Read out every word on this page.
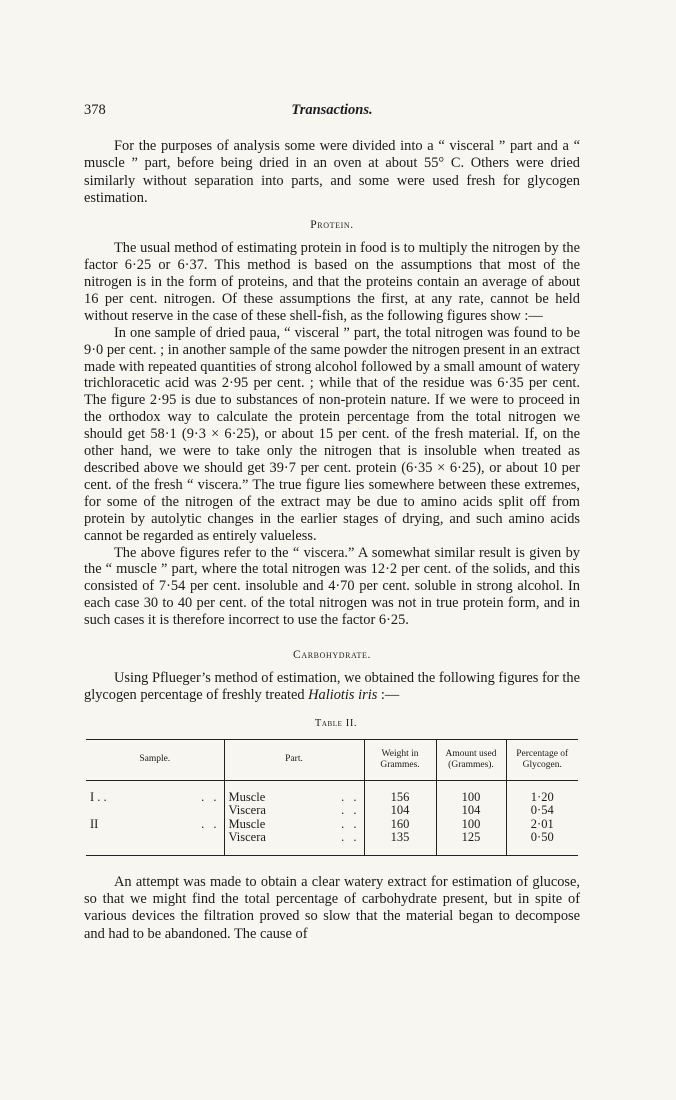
378	Transactions.

For the purposes of analysis some were divided into a “ visceral ” part and a “ muscle ” part, before being dried in an oven at about 55° C. Others were dried similarly without separation into parts, and some were used fresh for glycogen estimation.

Protein.

The usual method of estimating protein in food is to multiply the nitrogen by the factor 6·25 or 6·37. This method is based on the assumptions that most of the nitrogen is in the form of proteins, and that the proteins contain an average of about 16 per cent. nitrogen. Of these assumptions the first, at any rate, cannot be held without reserve in the case of these shell-fish, as the following figures show :—

In one sample of dried paua, “ visceral ” part, the total nitrogen was found to be 9·0 per cent. ; in another sample of the same powder the nitrogen present in an extract made with repeated quantities of strong alcohol followed by a small amount of watery trichloracetic acid was 2·95 per cent. ; while that of the residue was 6·35 per cent. The figure 2·95 is due to substances of non-protein nature. If we were to proceed in the orthodox way to calculate the protein percentage from the total nitrogen we should get 58·1 (9·3 × 6·25), or about 15 per cent. of the fresh material. If, on the other hand, we were to take only the nitrogen that is insoluble when treated as described above we should get 39·7 per cent. protein (6·35 × 6·25), or about 10 per cent. of the fresh “ viscera.” The true figure lies somewhere between these extremes, for some of the nitrogen of the extract may be due to amino acids split off from protein by autolytic changes in the earlier stages of drying, and such amino acids cannot be regarded as entirely valueless.

The above figures refer to the “ viscera.” A somewhat similar result is given by the “ muscle ” part, where the total nitrogen was 12·2 per cent. of the solids, and this consisted of 7·54 per cent. insoluble and 4·70 per cent. soluble in strong alcohol. In each case 30 to 40 per cent. of the total nitrogen was not in true protein form, and in such cases it is therefore incorrect to use the factor 6·25.

Carbohydrate.

Using Pflueger’s method of estimation, we obtained the following figures for the glycogen percentage of freshly treated Haliotis iris :—

Table II.
Sample.	Part.	Weight in Grammes.	Amount used (Grammes).	Percentage of Glycogen.

I . . . .	Muscle . .	156	100	1·20

	Viscera . .	104	104	0·54

II . .	Muscle . .	160	100	2·01

	Viscera . .	135	125	0·50

An attempt was made to obtain a clear watery extract for estimation of glucose, so that we might find the total percentage of carbohydrate present, but in spite of various devices the filtration proved so slow that the material began to decompose and had to be abandoned. The cause of
